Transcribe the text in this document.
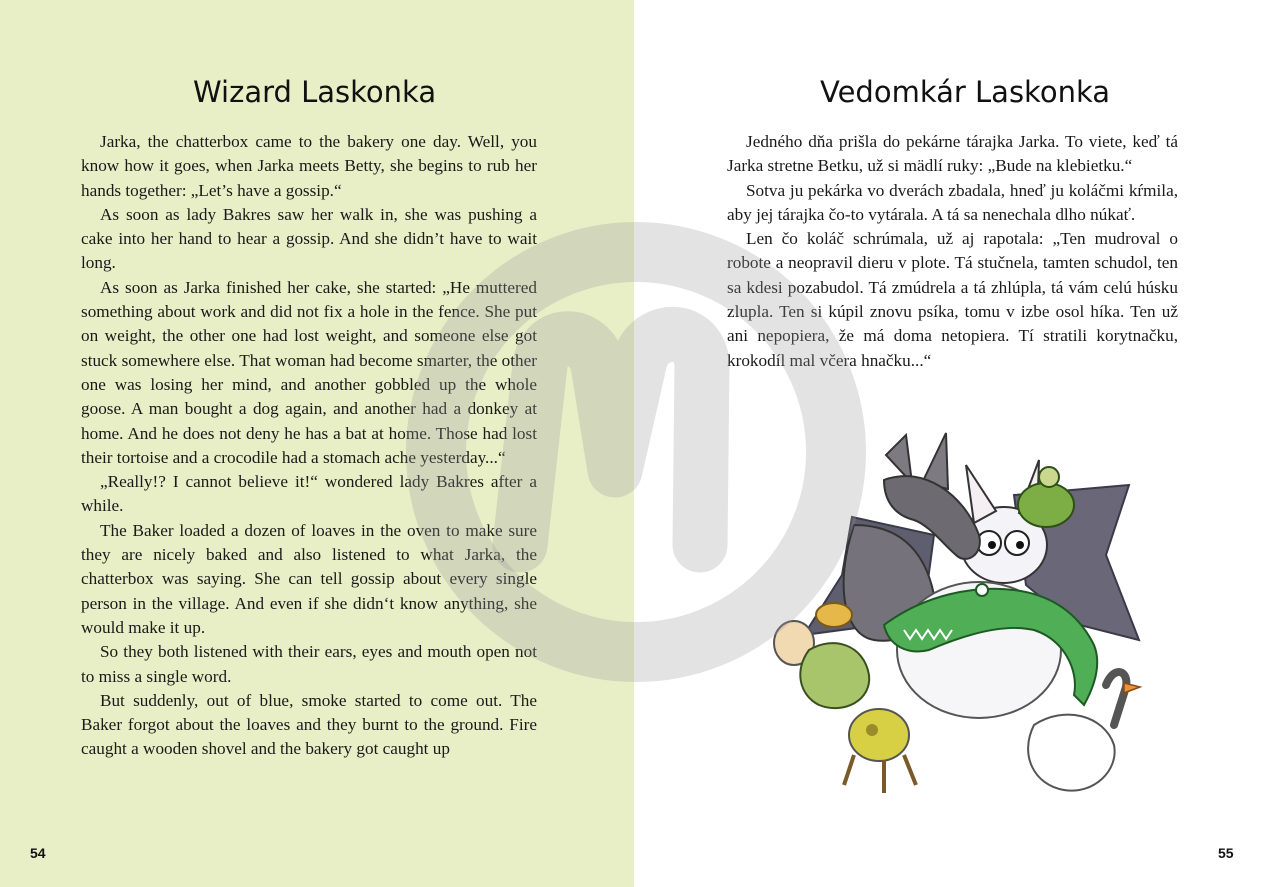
Wizard Laskonka

Jarka, the chatterbox came to the bakery one day. Well, you know how it goes, when Jarka meets Betty, she begins to rub her hands together: „Let’s have a gossip.“

As soon as lady Bakres saw her walk in, she was pushing a cake into her hand to hear a gossip. And she didn’t have to wait long.

As soon as Jarka finished her cake, she started: „He muttered something about work and did not fix a hole in the fence. She put on weight, the other one had lost weight, and someone else got stuck somewhere else. That woman had become smarter, the other one was losing her mind, and another gobbled up the whole goose. A man bought a dog again, and another had a donkey at home. And he does not deny he has a bat at home. Those had lost their tortoise and a crocodile had a stomach ache yesterday...“

„Really!? I cannot believe it!“ wondered lady Bakres after a while.

The Baker loaded a dozen of loaves in the oven to make sure they are nicely baked and also listened to what Jarka, the chatterbox was saying. She can tell gossip about every single person in the village. And even if she didn‘t know anything, she would make it up.

So they both listened with their ears, eyes and mouth open not to miss a single word.

But suddenly, out of blue, smoke started to come out. The Baker forgot about the loaves and they burnt to the ground. Fire caught a wooden shovel and the bakery got caught up

54
Vedomkár Laskonka

Jedného dňa prišla do pekárne tárajka Jarka. To viete, keď tá Jarka stretne Betku, už si mädlí ruky: „Bude na klebietku.“

Sotva ju pekárka vo dverách zbadala, hneď ju koláčmi kŕmila, aby jej tárajka čo-to vytárala. A tá sa nenechala dlho núkať.

Len čo koláč schrúmala, už aj rapotala: „Ten mudroval o robote a neopravil dieru v plote. Tá stučnela, tamten schudol, ten sa kdesi pozabudol. Tá zmúdrela a tá zhlúpla, tá vám celú húsku zlupla. Ten si kúpil znovu psíka, tomu v izbe osol híka. Ten už ani nepopiera, že má doma netopiera. Tí stratili korytnačku, krokodíl mal včera hnačku...“

55
